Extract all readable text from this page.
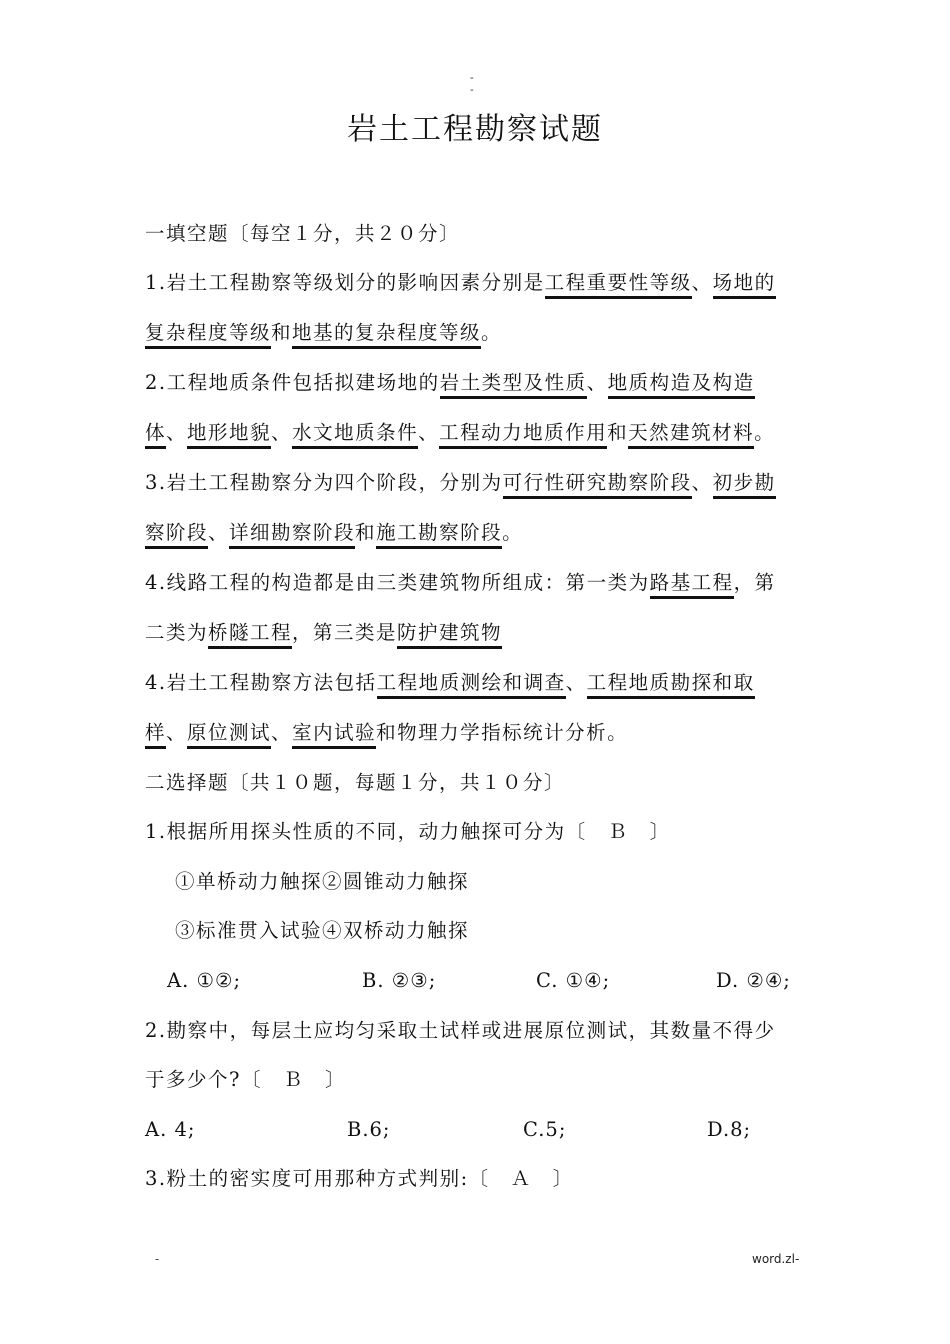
-
-
岩土工程勘察试题
一填空题〔每空１分，共２０分〕
1.岩土工程勘察等级划分的影响因素分别是工程重要性等级、场地的
复杂程度等级和地基的复杂程度等级。
2.工程地质条件包括拟建场地的岩土类型及性质、地质构造及构造
体、地形地貌、水文地质条件、工程动力地质作用和天然建筑材料。
3.岩土工程勘察分为四个阶段，分别为可行性研究勘察阶段、初步勘
察阶段、详细勘察阶段和施工勘察阶段。
4.线路工程的构造都是由三类建筑物所组成：第一类为路基工程，第
二类为桥隧工程，第三类是防护建筑物
4.岩土工程勘察方法包括工程地质测绘和调查、工程地质勘探和取
样、原位测试、室内试验和物理力学指标统计分析。
二选择题〔共１０题，每题１分，共１０分〕
1.根据所用探头性质的不同，动力触探可分为〔　Ｂ　〕
①单桥动力触探②圆锥动力触探
③标准贯入试验④双桥动力触探
A. ①②;	B. ②③;	C. ①④;	D. ②④;
2.勘察中，每层土应均匀采取土试样或进展原位测试，其数量不得少
于多少个?〔　Ｂ　〕
A. 4;	B.6;	C.5;	D.8;
3.粉土的密实度可用那种方式判别:〔　Ａ　〕
-	word.zl-
